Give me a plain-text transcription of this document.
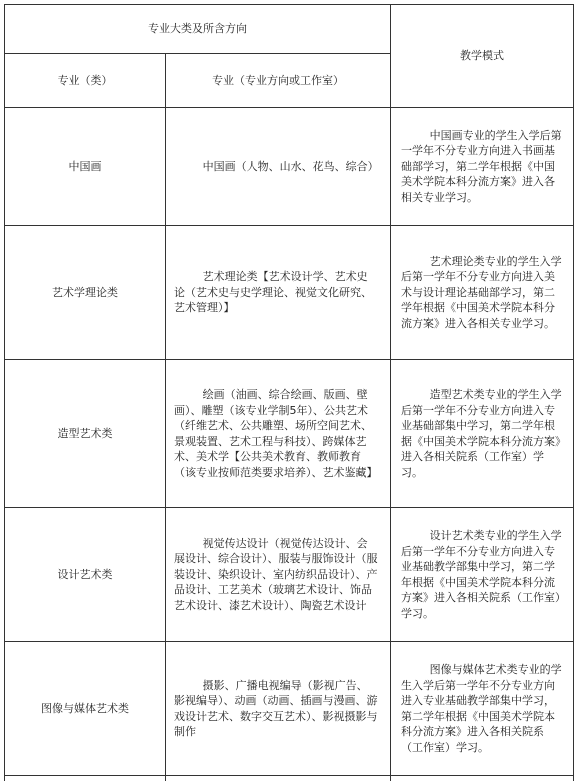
专业大类及所含方向		教学模式
专业（类）	专业（专业方向或工作室）	
中国画	中国画（人物、山水、花鸟、综合）	中国画专业的学生入学后第一学年不分专业方向进入书画基础部学习，第二学年根据《中国美术学院本科分流方案》进入各相关专业学习。

艺术学理论类	艺术理论类【艺术设计学、艺术史论（艺术史与史学理论、视觉文化研究、艺术管理）】	艺术理论类专业的学生入学后第一学年不分专业方向进入美术与设计理论基础部学习，第二学年根据《中国美术学院本科分流方案》进入各相关专业学习。

造型艺术类	绘画（油画、综合绘画、版画、壁画）、雕塑（该专业学制5年）、公共艺术（纤维艺术、公共雕塑、场所空间艺术、景观装置、艺术工程与科技）、跨媒体艺术、美术学【公共美术教育、教师教育（该专业按师范类要求培养）、艺术鉴藏】	造型艺术类专业的学生入学后第一学年不分专业方向进入专业基础部集中学习，第二学年根据《中国美术学院本科分流方案》进入各相关院系（工作室）学习。

设计艺术类	视觉传达设计（视觉传达设计、会展设计、综合设计）、服装与服饰设计（服装设计、染织设计、室内纺织品设计）、产品设计、工艺美术（玻璃艺术设计、饰品艺术设计、漆艺术设计）、陶瓷艺术设计	设计艺术类专业的学生入学后第一学年不分专业方向进入专业基础教学部集中学习，第二学年根据《中国美术学院本科分流方案》进入各相关院系（工作室）学习。

图像与媒体艺术类	摄影、广播电视编导（影视广告、影视编导）、动画（动画、插画与漫画、游戏设计艺术、数字交互艺术）、影视摄影与制作	图像与媒体艺术类专业的学生入学后第一学年不分专业方向进入专业基础教学部集中学习，第二学年根据《中国美术学院本科分流方案》进入各相关院系（工作室）学习。
